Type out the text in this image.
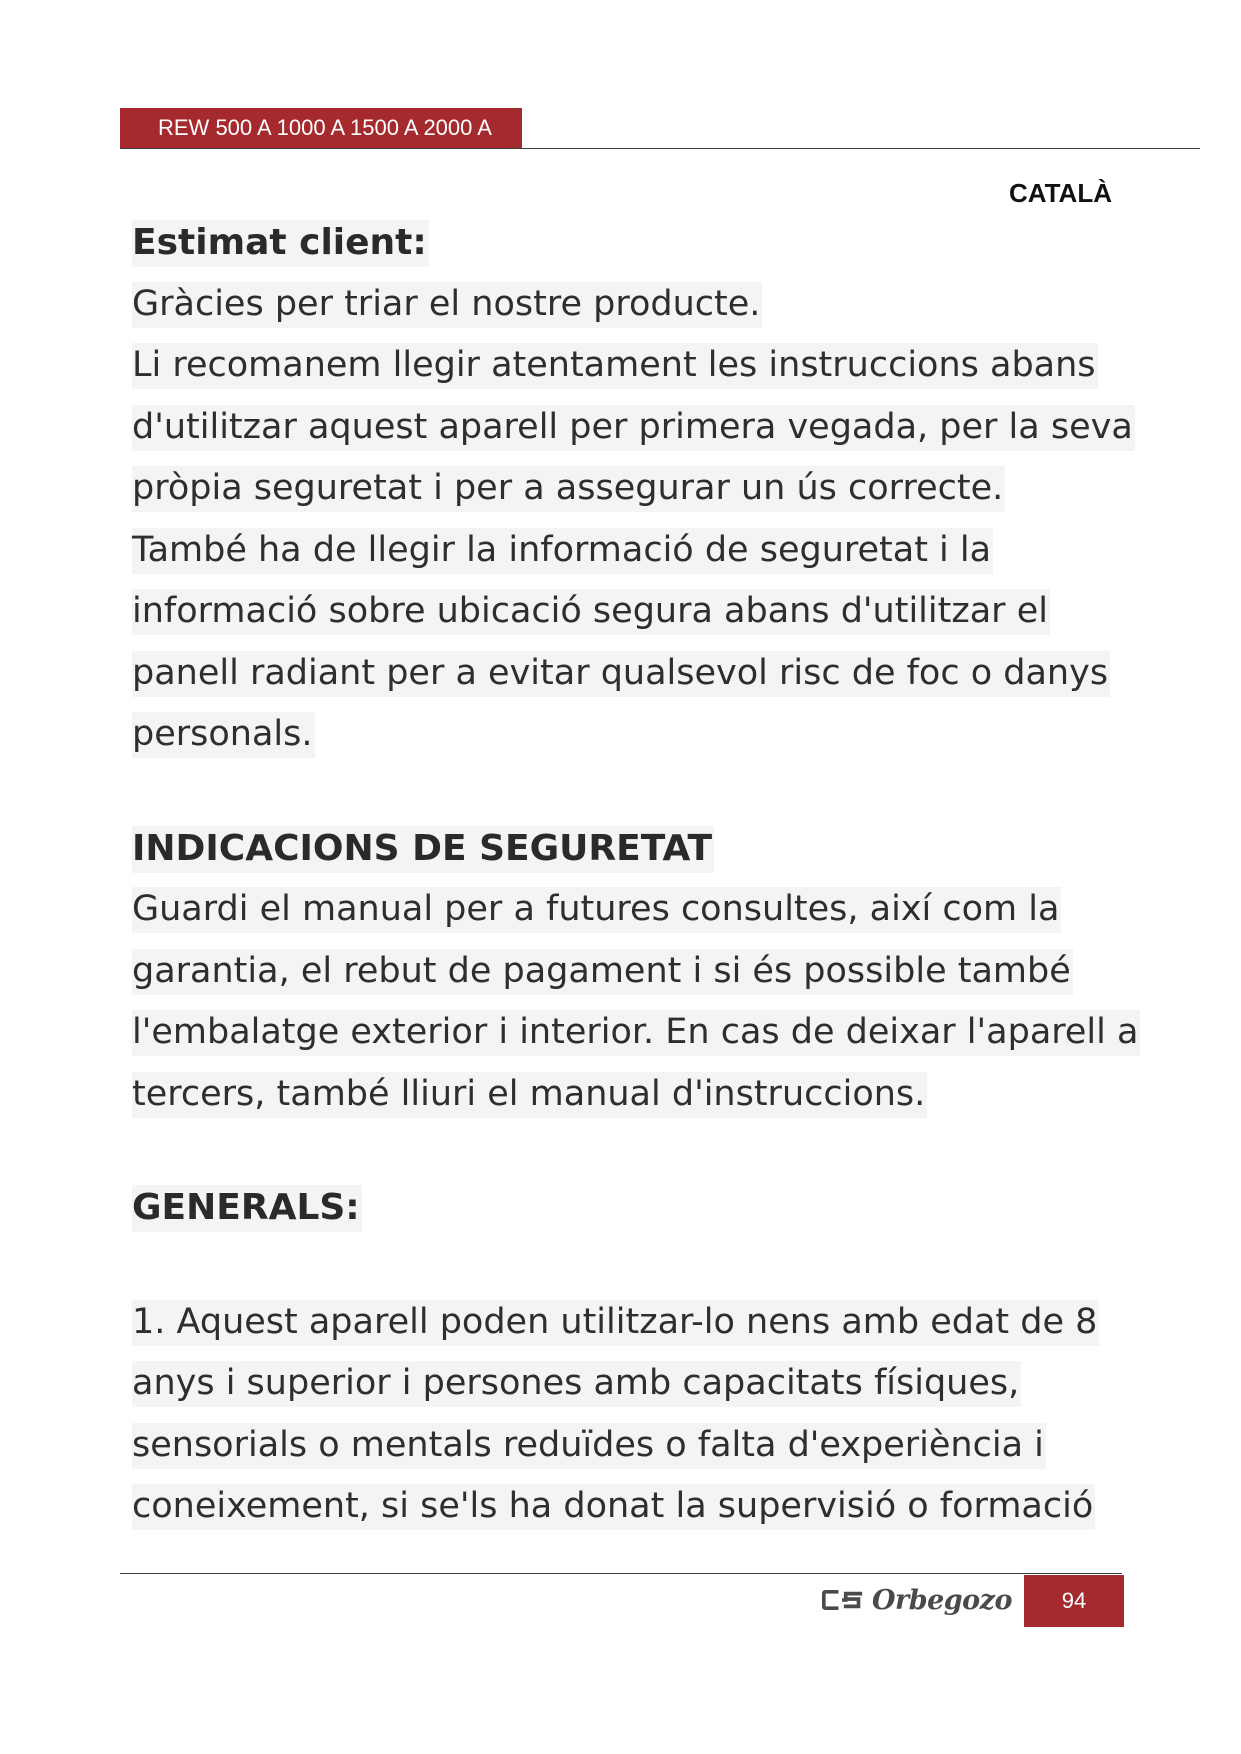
REW 500 A 1000 A 1500 A 2000 A
CATALÀ
Estimat client:
Gràcies per triar el nostre producte.
Li recomanem llegir atentament les instruccions abans
d'utilitzar aquest aparell per primera vegada, per la seva
pròpia seguretat i per a assegurar un ús correcte.
També ha de llegir la informació de seguretat i la
informació sobre ubicació segura abans d'utilitzar el
panell radiant per a evitar qualsevol risc de foc o danys
personals.
INDICACIONS DE SEGURETAT
Guardi el manual per a futures consultes, així com la
garantia, el rebut de pagament i si és possible també
l'embalatge exterior i interior. En cas de deixar l'aparell a
tercers, també lliuri el manual d'instruccions.
GENERALS:
1. Aquest aparell poden utilitzar-lo nens amb edat de 8
anys i superior i persones amb capacitats físiques,
sensorials o mentals reduïdes o falta d'experiència i
coneixement, si se'ls ha donat la supervisió o formació
Orbegozo	94
